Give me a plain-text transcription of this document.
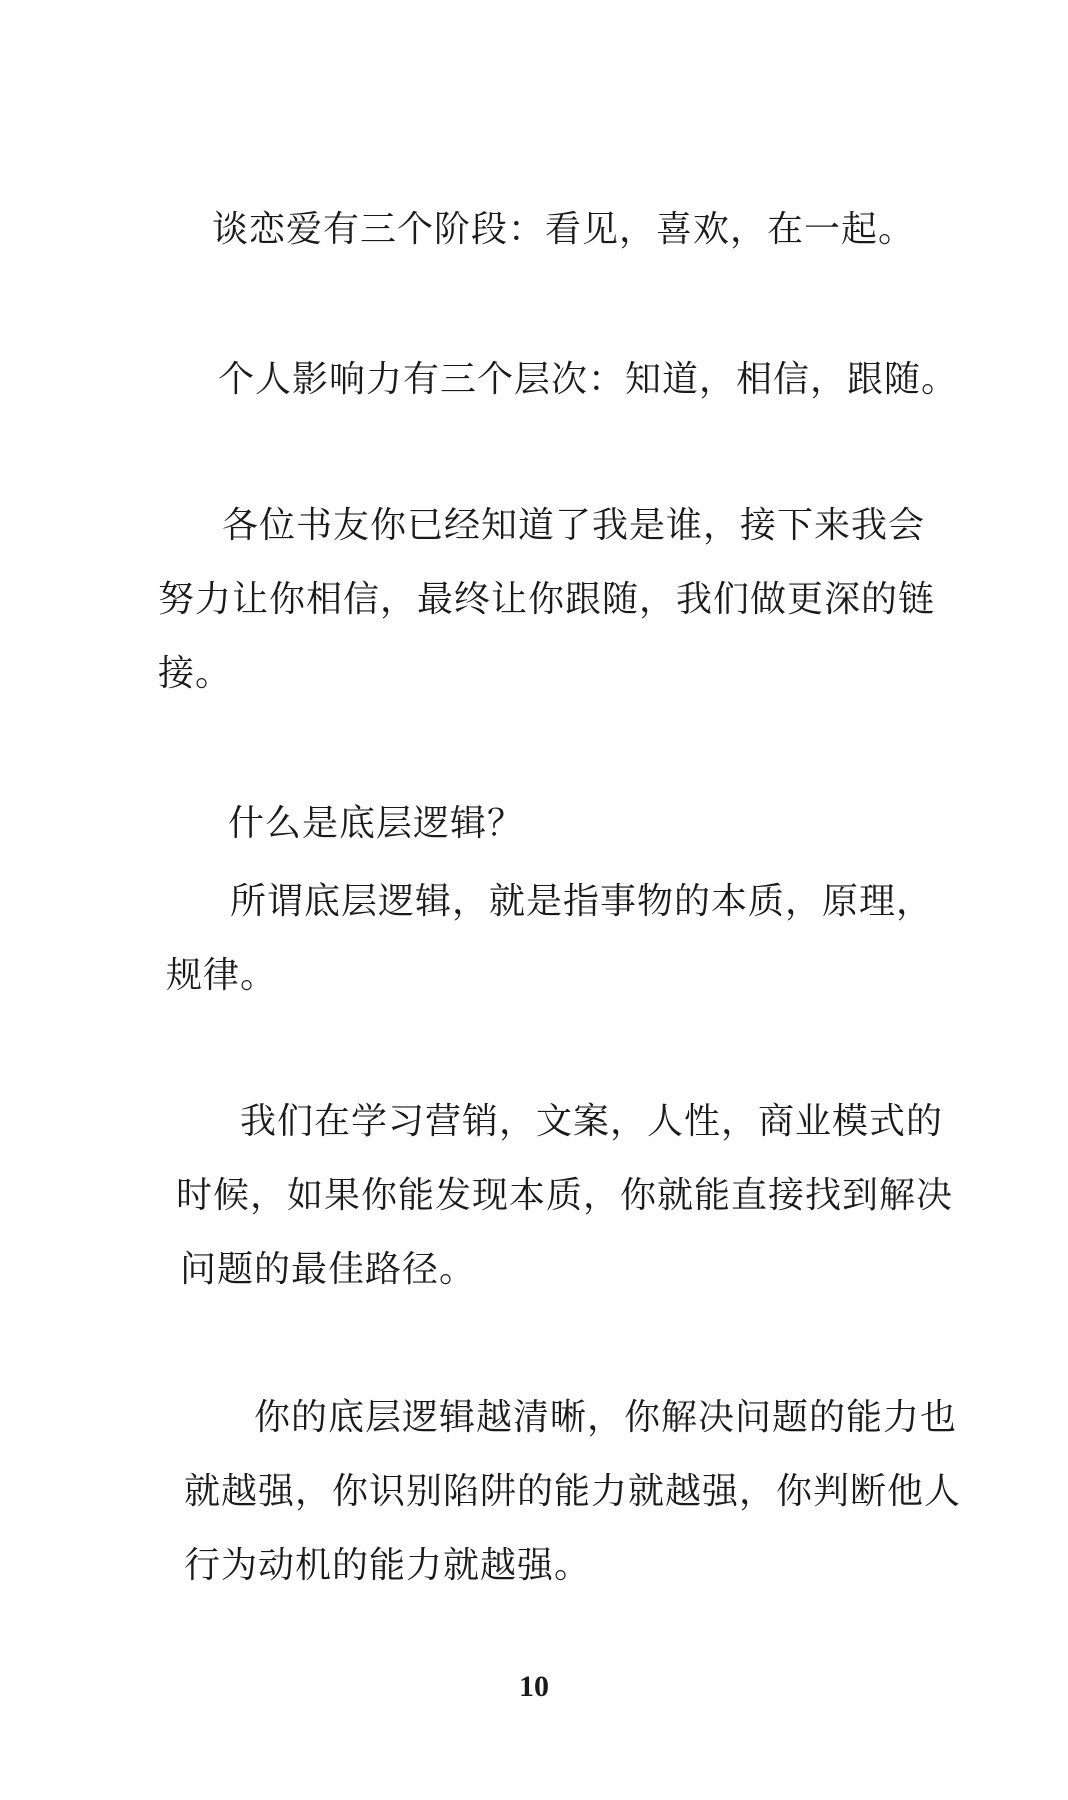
谈恋爱有三个阶段：看见，喜欢，在一起。
个人影响力有三个层次：知道，相信，跟随。
各位书友你已经知道了我是谁，接下来我会
努力让你相信，最终让你跟随，我们做更深的链
接。
什么是底层逻辑？
所谓底层逻辑，就是指事物的本质，原理，
规律。
我们在学习营销，文案，人性，商业模式的
时候，如果你能发现本质，你就能直接找到解决
问题的最佳路径。
你的底层逻辑越清晰，你解决问题的能力也
就越强，你识别陷阱的能力就越强，你判断他人
行为动机的能力就越强。
10
